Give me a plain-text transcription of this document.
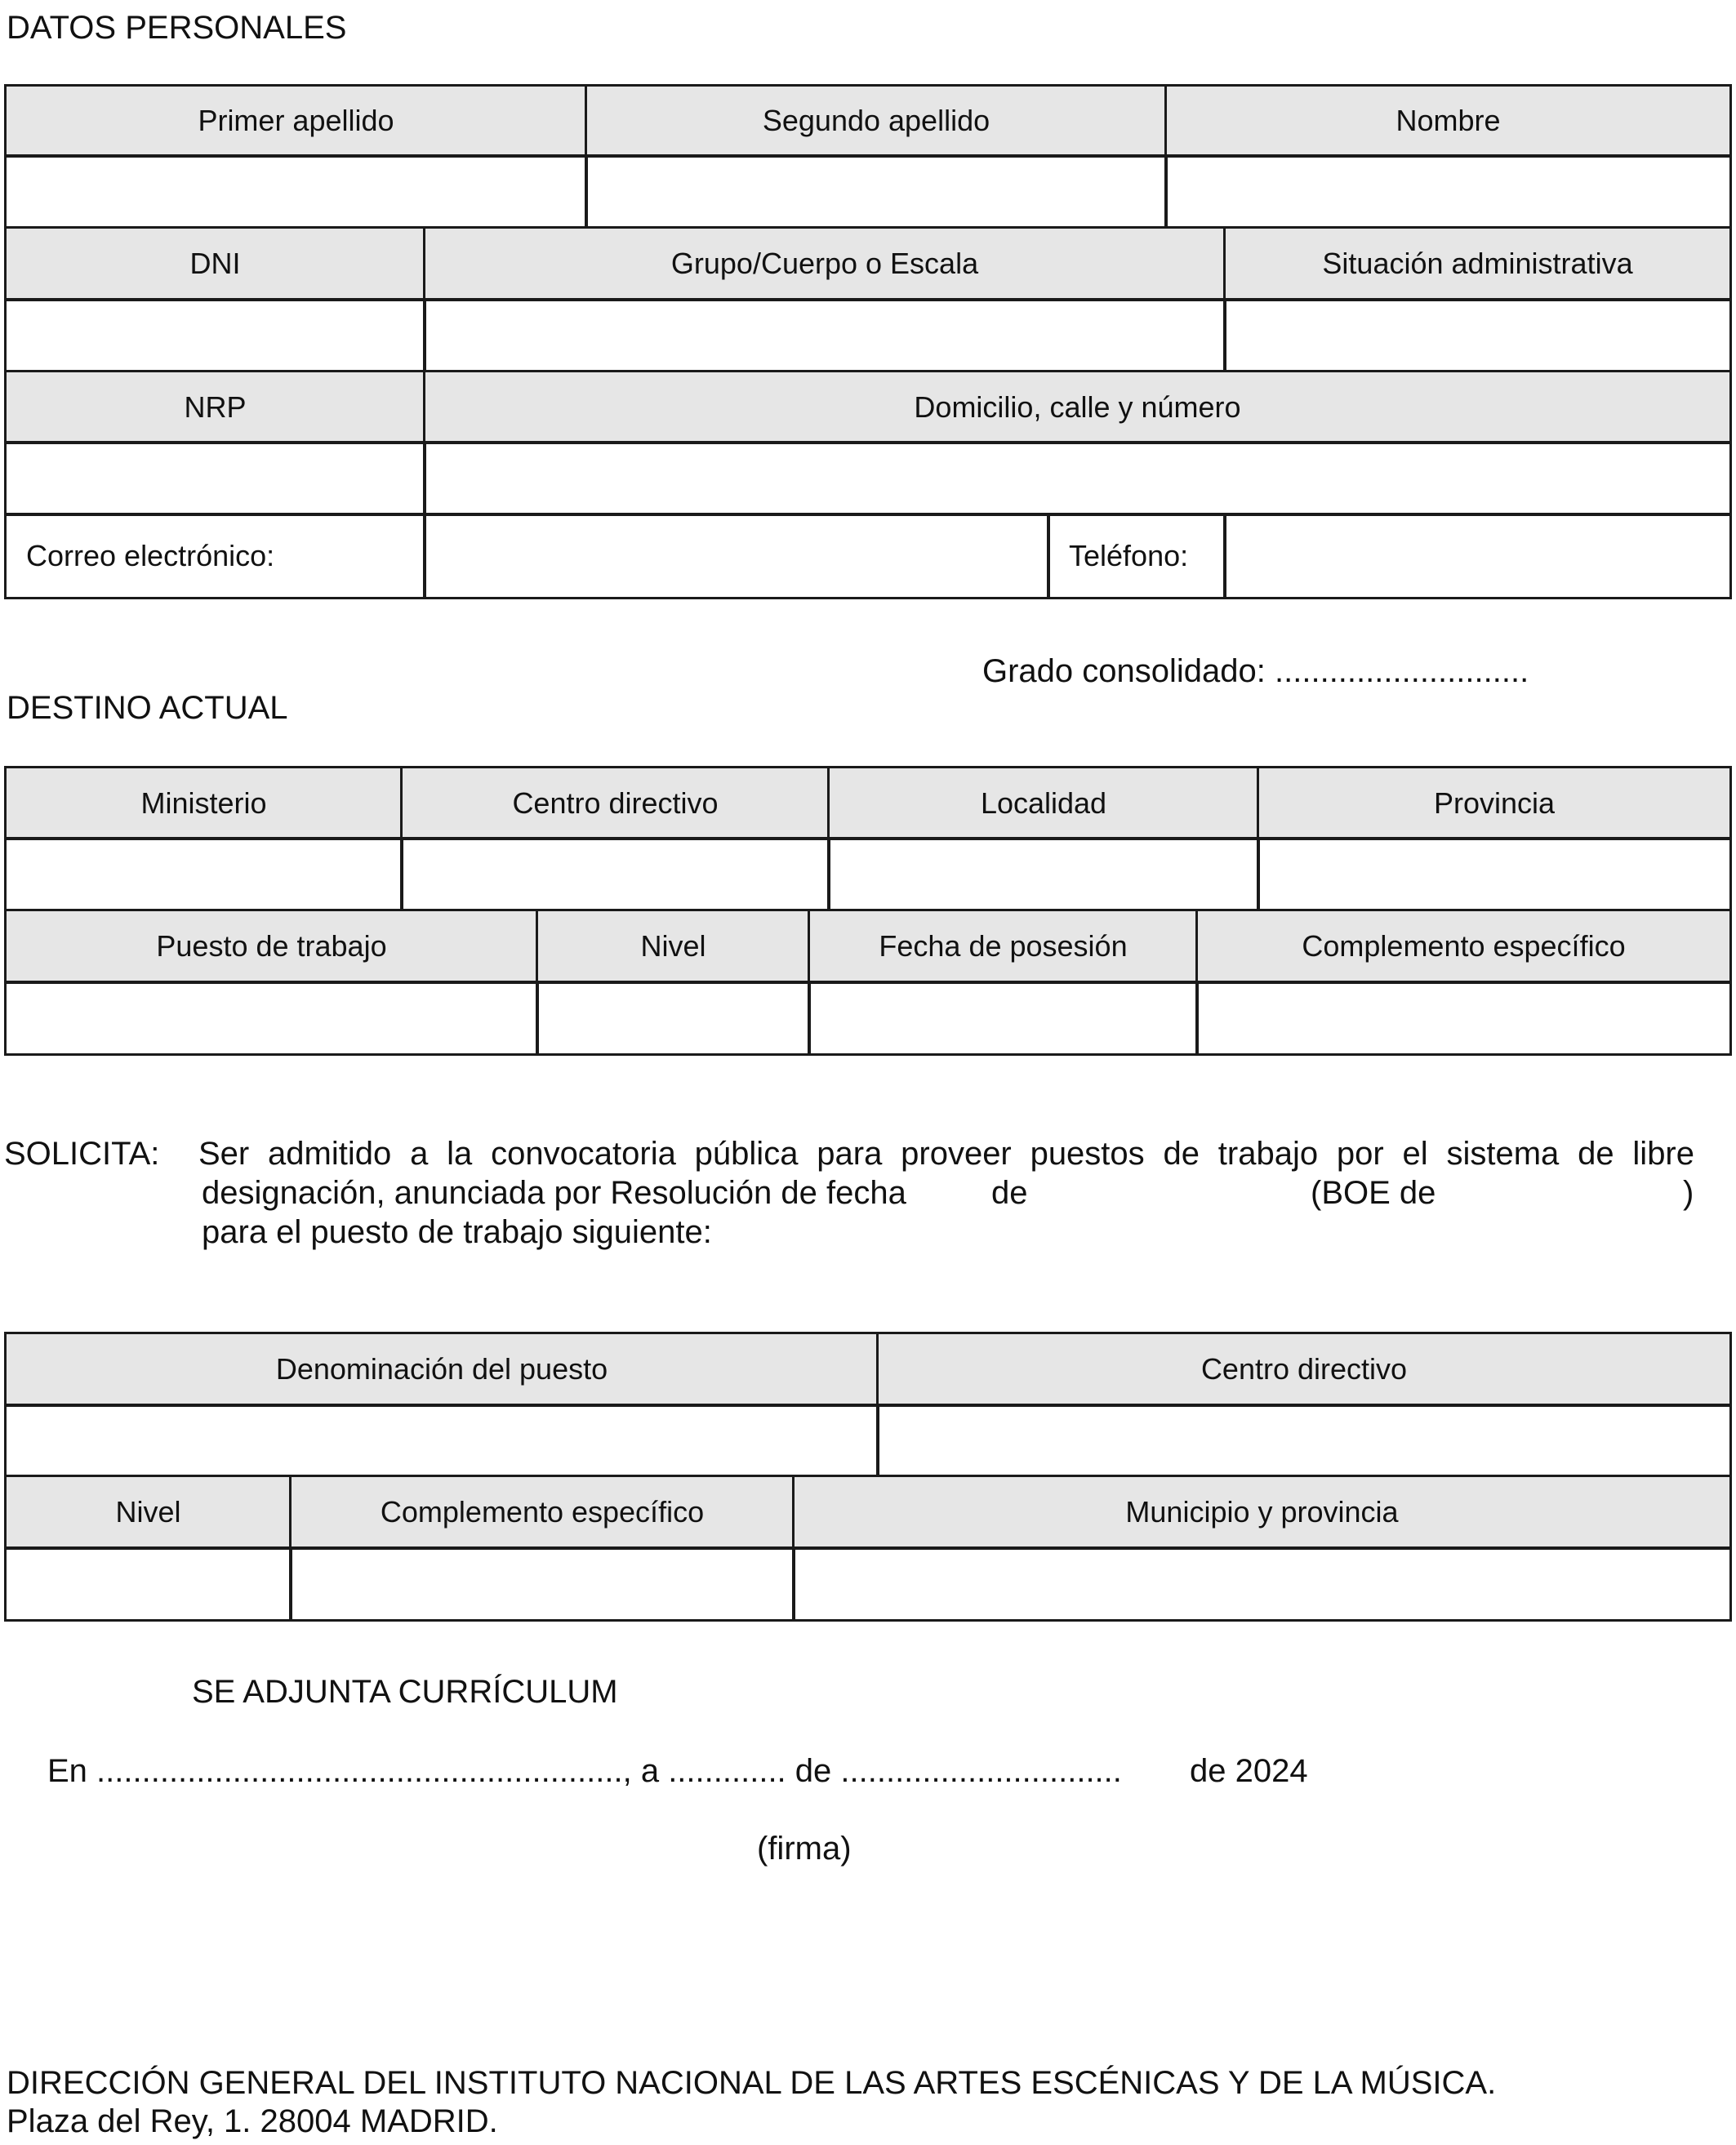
DATOS PERSONALES
Primer apellido	Segundo apellido	Nombre
DNI	Grupo/Cuerpo o Escala	Situación administrativa
NRP	Domicilio, calle y número
Correo electrónico:	Teléfono:
Grado consolidado: ............................
DESTINO ACTUAL
Ministerio	Centro directivo	Localidad	Provincia
Puesto de trabajo	Nivel	Fecha de posesión	Complemento específico
SOLICITA: Ser admitido a la convocatoria pública para proveer puestos de trabajo por el sistema de libre
designación, anunciada por Resolución de fecha	de	(BOE de	)
para el puesto de trabajo siguiente:
Denominación del puesto	Centro directivo
Nivel	Complemento específico	Municipio y provincia
SE ADJUNTA CURRÍCULUM
En .........................................................., a ............. de ............................... de 2024
(firma)
DIRECCIÓN GENERAL DEL INSTITUTO NACIONAL DE LAS ARTES ESCÉNICAS Y DE LA MÚSICA.
Plaza del Rey, 1. 28004 MADRID.
